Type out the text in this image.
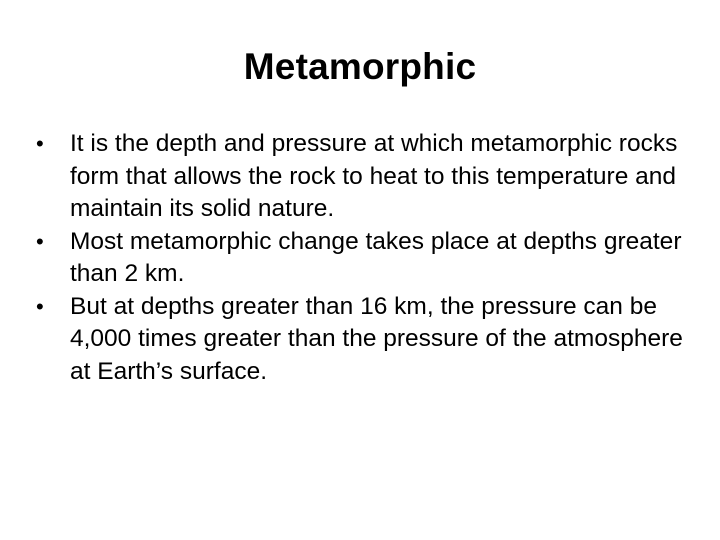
Metamorphic
•	It is the depth and pressure at which metamorphic rocks form that allows the rock to heat to this temperature and maintain its solid nature.
•	Most metamorphic change takes place at depths greater than 2 km.
•	But at depths greater than 16 km, the pressure can be 4,000 times greater than the pressure of the atmosphere at Earth’s surface.
